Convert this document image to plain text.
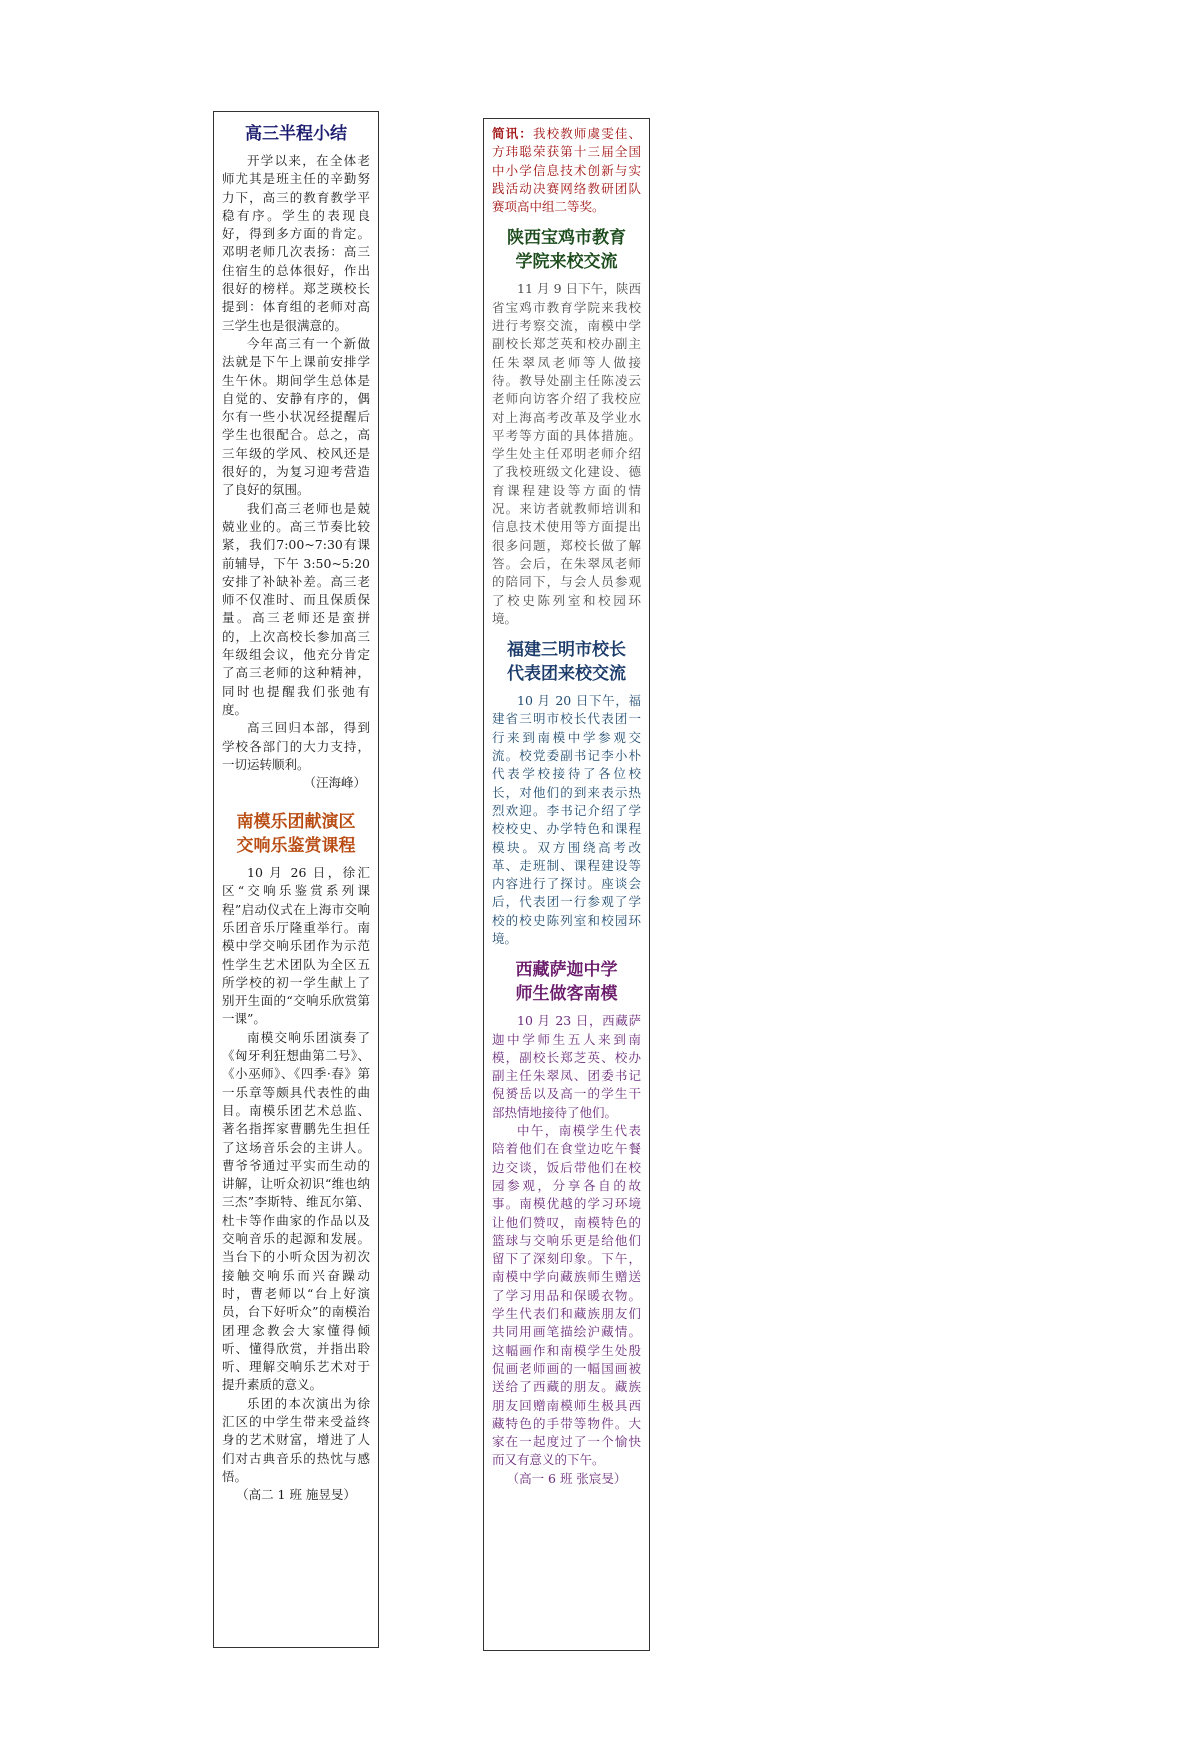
高三半程小结

开学以来，在全体老师尤其是班主任的辛勤努力下，高三的教育教学平稳有序。学生的表现良好，得到多方面的肯定。邓明老师几次表扬：高三住宿生的总体很好，作出很好的榜样。郑芝瑛校长提到：体育组的老师对高三学生也是很满意的。

今年高三有一个新做法就是下午上课前安排学生午休。期间学生总体是自觉的、安静有序的，偶尔有一些小状况经提醒后学生也很配合。总之，高三年级的学风、校风还是很好的，为复习迎考营造了良好的氛围。

我们高三老师也是兢兢业业的。高三节奏比较紧，我们7:00~7:30有课前辅导，下午 3:50~5:20 安排了补缺补差。高三老师不仅准时、而且保质保量。高三老师还是蛮拼的，上次高校长参加高三年级组会议，他充分肯定了高三老师的这种精神，同时也提醒我们张弛有度。

高三回归本部，得到学校各部门的大力支持，一切运转顺利。

（汪海峰）
南模乐团献演区
交响乐鉴赏课程

10 月 26 日，徐汇区“交响乐鉴赏系列课程”启动仪式在上海市交响乐团音乐厅隆重举行。南模中学交响乐团作为示范性学生艺术团队为全区五所学校的初一学生献上了别开生面的“交响乐欣赏第一课”。

南模交响乐团演奏了《匈牙利狂想曲第二号》、《小巫师》、《四季·春》第一乐章等颇具代表性的曲目。南模乐团艺术总监、著名指挥家曹鹏先生担任了这场音乐会的主讲人。曹爷爷通过平实而生动的讲解，让听众初识“维也纳三杰”李斯特、维瓦尔第、杜卡等作曲家的作品以及交响音乐的起源和发展。当台下的小听众因为初次接触交响乐而兴奋躁动时，曹老师以“台上好演员，台下好听众”的南模治团理念教会大家懂得倾听、懂得欣赏，并指出聆听、理解交响乐艺术对于提升素质的意义。

乐团的本次演出为徐汇区的中学生带来受益终身的艺术财富，增进了人们对古典音乐的热忱与感悟。

（高二 1 班 施昱旻）

简讯：我校教师虞雯佳、方玮聪荣获第十三届全国中小学信息技术创新与实践活动决赛网络教研团队赛项高中组二等奖。

陕西宝鸡市教育
学院来校交流

11 月 9 日下午，陕西省宝鸡市教育学院来我校进行考察交流，南模中学副校长郑芝英和校办副主任朱翠凤老师等人做接待。教导处副主任陈凌云老师向访客介绍了我校应对上海高考改革及学业水平考等方面的具体措施。学生处主任邓明老师介绍了我校班级文化建设、德育课程建设等方面的情况。来访者就教师培训和信息技术使用等方面提出很多问题，郑校长做了解答。会后，在朱翠凤老师的陪同下，与会人员参观了校史陈列室和校园环境。

福建三明市校长
代表团来校交流

10 月 20 日下午，福建省三明市校长代表团一行来到南模中学参观交流。校党委副书记李小朴代表学校接待了各位校长，对他们的到来表示热烈欢迎。李书记介绍了学校校史、办学特色和课程模块。双方围绕高考改革、走班制、课程建设等内容进行了探讨。座谈会后，代表团一行参观了学校的校史陈列室和校园环境。

西藏萨迦中学
师生做客南模

10 月 23 日，西藏萨迦中学师生五人来到南模，副校长郑芝英、校办副主任朱翠凤、团委书记倪赟岳以及高一的学生干部热情地接待了他们。

中午，南模学生代表陪着他们在食堂边吃午餐边交谈，饭后带他们在校园参观，分享各自的故事。南模优越的学习环境让他们赞叹，南模特色的篮球与交响乐更是给他们留下了深刻印象。下午，南模中学向藏族师生赠送了学习用品和保暖衣物。学生代表们和藏族朋友们共同用画笔描绘沪藏情。这幅画作和南模学生处殷侃画老师画的一幅国画被送给了西藏的朋友。藏族朋友回赠南模师生极具西藏特色的手带等物件。大家在一起度过了一个愉快而又有意义的下午。

（高一 6 班 张宸旻）
